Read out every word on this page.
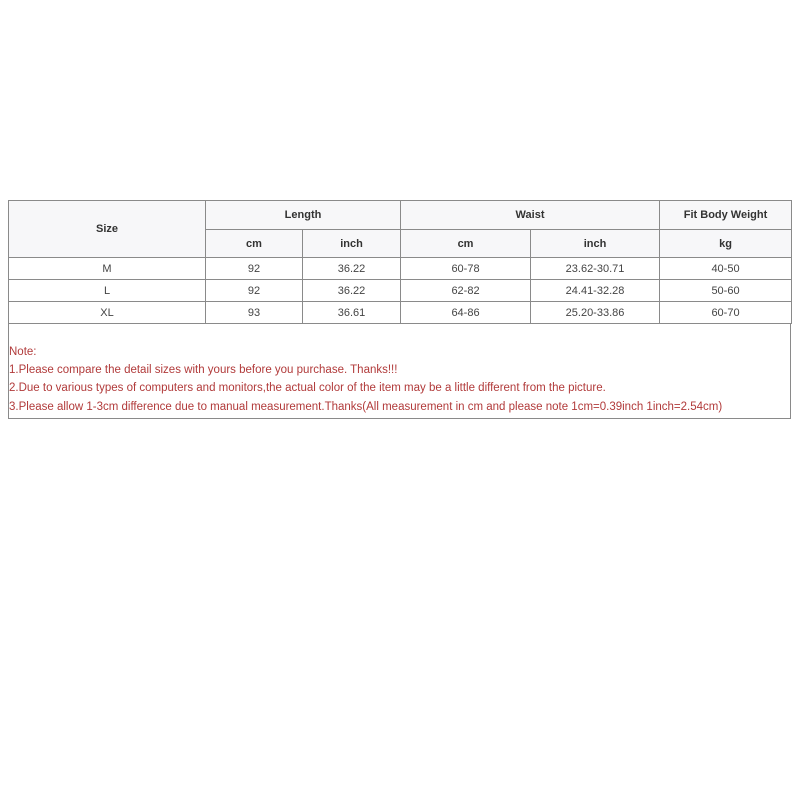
Size	Length		Waist		Fit Body Weight
	cm	inch	cm	inch	kg
M	92	36.22	60-78	23.62-30.71	40-50
L	92	36.22	62-82	24.41-32.28	50-60
XL	93	36.61	64-86	25.20-33.86	60-70
Note:
1.Please compare the detail sizes with yours before you purchase. Thanks!!!
2.Due to various types of computers and monitors,the actual color of the item may be a little different from the picture.
3.Please allow 1-3cm difference due to manual measurement.Thanks(All measurement in cm and please note 1cm=0.39inch 1inch=2.54cm)
